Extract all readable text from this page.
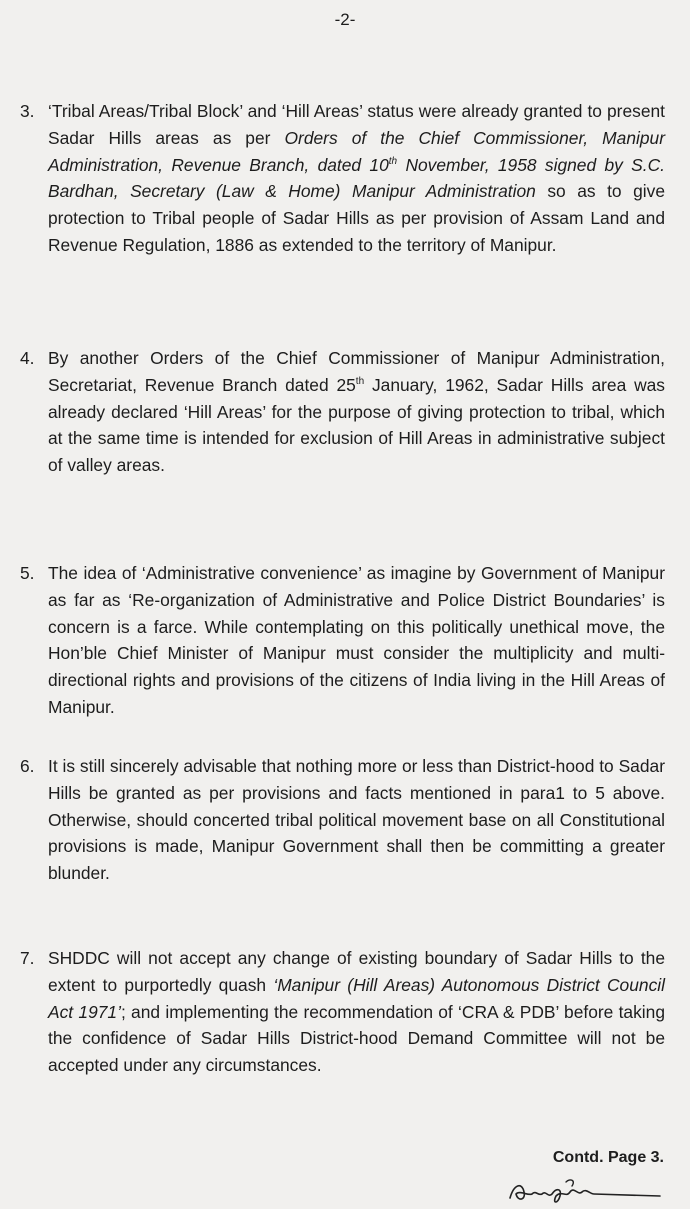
-2-
3. ‘Tribal Areas/Tribal Block’ and ‘Hill Areas’ status were already granted to present Sadar Hills areas as per Orders of the Chief Commissioner, Manipur Administration, Revenue Branch, dated 10th November, 1958 signed by S.C. Bardhan, Secretary (Law & Home) Manipur Administration so as to give protection to Tribal people of Sadar Hills as per provision of Assam Land and Revenue Regulation, 1886 as extended to the territory of Manipur.
4. By another Orders of the Chief Commissioner of Manipur Administration, Secretariat, Revenue Branch dated 25th January, 1962, Sadar Hills area was already declared ‘Hill Areas’ for the purpose of giving protection to tribal, which at the same time is intended for exclusion of Hill Areas in administrative subject of valley areas.
5. The idea of ‘Administrative convenience’ as imagine by Government of Manipur as far as ‘Re-organization of Administrative and Police District Boundaries’ is concern is a farce. While contemplating on this politically unethical move, the Hon’ble Chief Minister of Manipur must consider the multiplicity and multi-directional rights and provisions of the citizens of India living in the Hill Areas of Manipur.
6. It is still sincerely advisable that nothing more or less than District-hood to Sadar Hills be granted as per provisions and facts mentioned in para1 to 5 above. Otherwise, should concerted tribal political movement base on all Constitutional provisions is made, Manipur Government shall then be committing a greater blunder.
7. SHDDC will not accept any change of existing boundary of Sadar Hills to the extent to purportedly quash ‘Manipur (Hill Areas) Autonomous District Council Act 1971’; and implementing the recommendation of ‘CRA & PDB’ before taking the confidence of Sadar Hills District-hood Demand Committee will not be accepted under any circumstances.
Contd. Page 3.
